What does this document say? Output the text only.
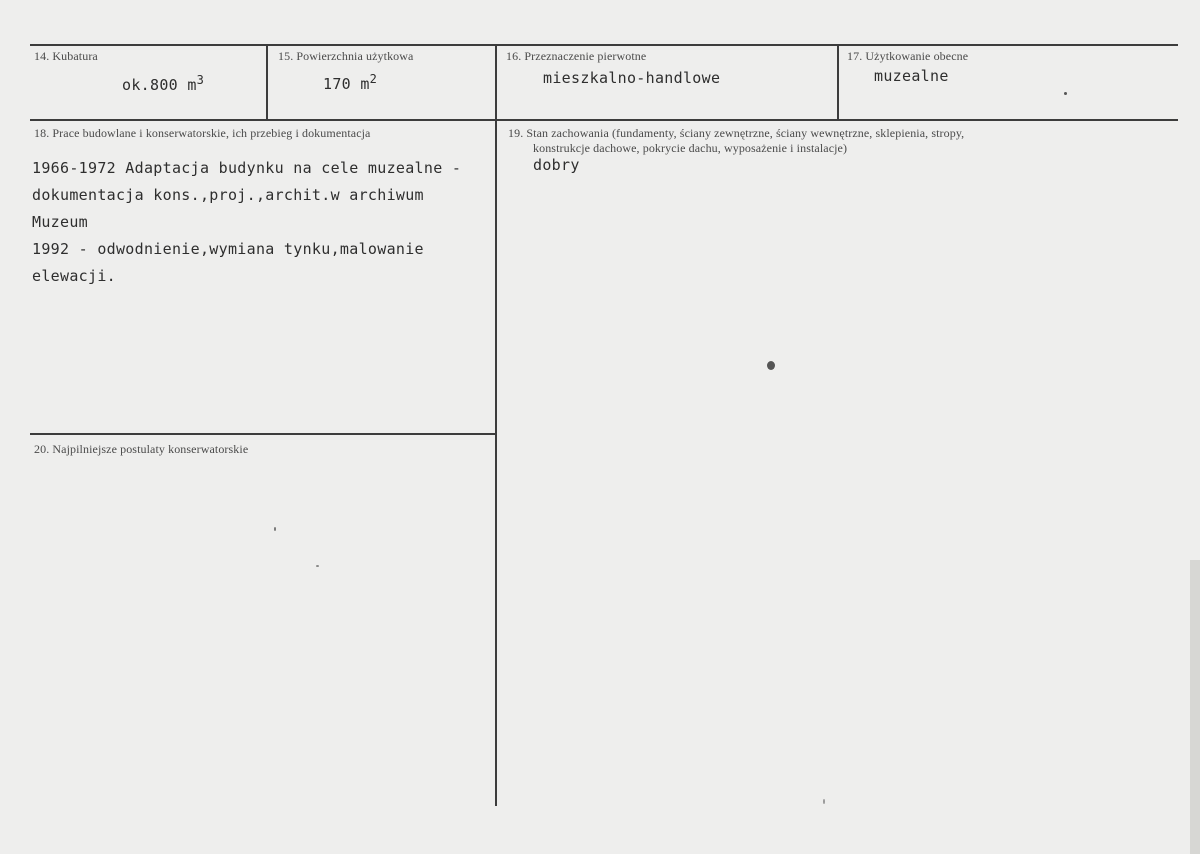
14. Kubatura
ok.800 $m^3$
15. Powierzchnia użytkowa
170 $m^2$
16. Przeznaczenie pierwotne
mieszkalno-handlowe
17. Użytkowanie obecne
muzealne
18. Prace budowlane i konserwatorskie, ich przebieg i dokumentacja
1966-1972 Adaptacja budynku na cele muzealne -
dokumentacja kons.,proj.,archit.w archiwum
Muzeum
1992 - odwodnienie,wymiana tynku,malowanie
elewacji.
19. Stan zachowania (fundamenty, ściany zewnętrzne, ściany wewnętrzne, sklepienia, stropy,
konstrukcje dachowe, pokrycie dachu, wyposażenie i instalacje)
dobry
20. Najpilniejsze postulaty konserwatorskie
